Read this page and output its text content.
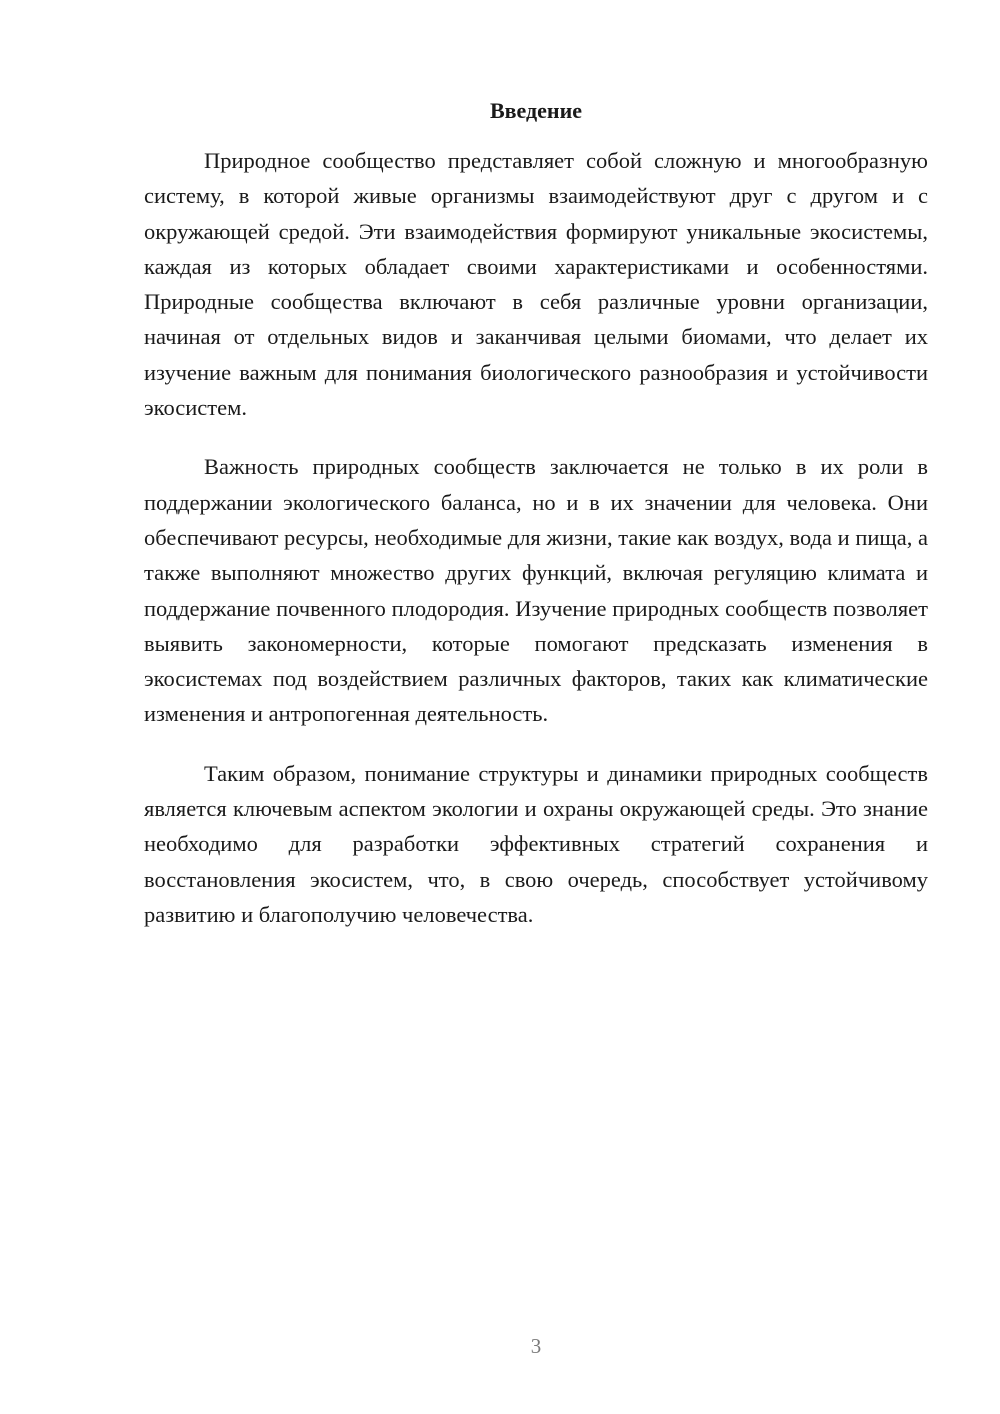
Введение

Природное сообщество представляет собой сложную и многообразную систему, в которой живые организмы взаимодействуют друг с другом и с окружающей средой. Эти взаимодействия формируют уникальные экосистемы, каждая из которых обладает своими характеристиками и особенностями. Природные сообщества включают в себя различные уровни организации, начиная от отдельных видов и заканчивая целыми биомами, что делает их изучение важным для понимания биологического разнообразия и устойчивости экосистем.

Важность природных сообществ заключается не только в их роли в поддержании экологического баланса, но и в их значении для человека. Они обеспечивают ресурсы, необходимые для жизни, такие как воздух, вода и пища, а также выполняют множество других функций, включая регуляцию климата и поддержание почвенного плодородия. Изучение природных сообществ позволяет выявить закономерности, которые помогают предсказать изменения в экосистемах под воздействием различных факторов, таких как климатические изменения и антропогенная деятельность.

Таким образом, понимание структуры и динамики природных сообществ является ключевым аспектом экологии и охраны окружающей среды. Это знание необходимо для разработки эффективных стратегий сохранения и восстановления экосистем, что, в свою очередь, способствует устойчивому развитию и благополучию человечества.

3
